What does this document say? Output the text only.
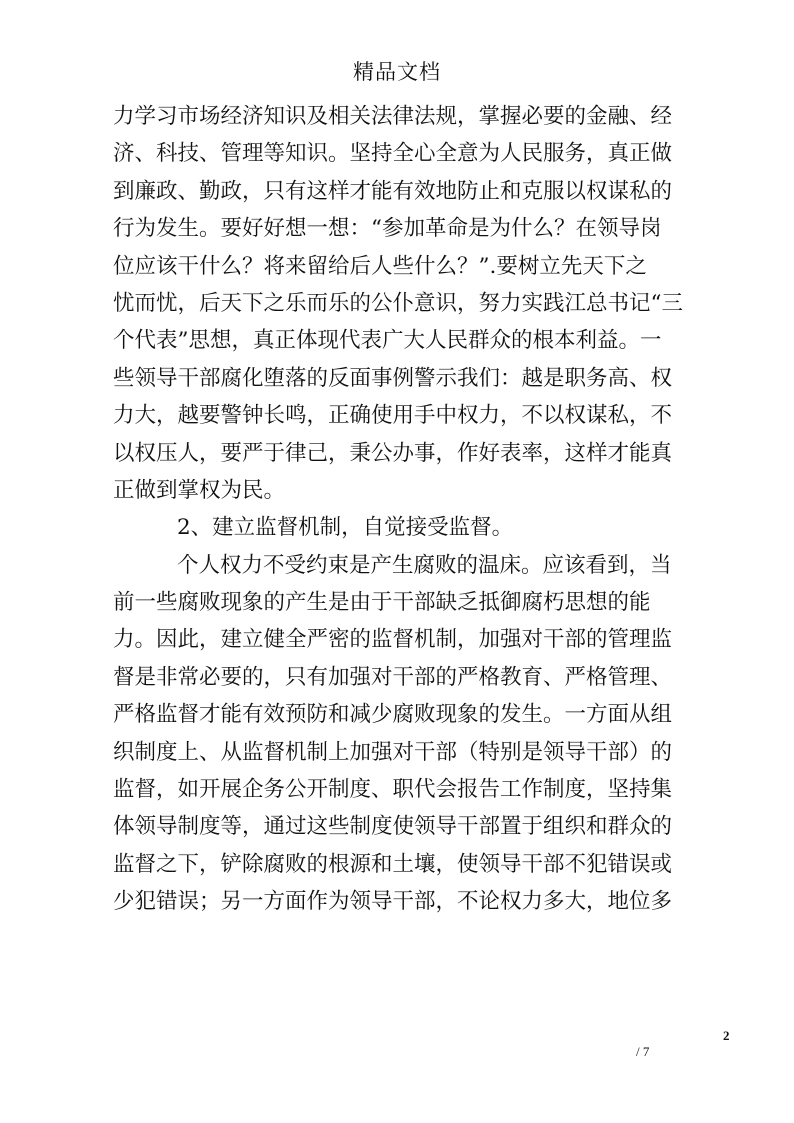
精品文档
力学习市场经济知识及相关法律法规，掌握必要的金融、经
济、科技、管理等知识。坚持全心全意为人民服务，真正做
到廉政、勤政，只有这样才能有效地防止和克服以权谋私的
行为发生。要好好想一想：“参加革命是为什么？在领导岗
位应该干什么？将来留给后人些什么？”.要树立先天下之
忧而忧，后天下之乐而乐的公仆意识，努力实践江总书记“三
个代表”思想，真正体现代表广大人民群众的根本利益。一
些领导干部腐化堕落的反面事例警示我们：越是职务高、权
力大，越要警钟长鸣，正确使用手中权力，不以权谋私，不
以权压人，要严于律己，秉公办事，作好表率，这样才能真
正做到掌权为民。
2、建立监督机制，自觉接受监督。
个人权力不受约束是产生腐败的温床。应该看到，当
前一些腐败现象的产生是由于干部缺乏抵御腐朽思想的能
力。因此，建立健全严密的监督机制，加强对干部的管理监
督是非常必要的，只有加强对干部的严格教育、严格管理、
严格监督才能有效预防和减少腐败现象的发生。一方面从组
织制度上、从监督机制上加强对干部（特别是领导干部）的
监督，如开展企务公开制度、职代会报告工作制度，坚持集
体领导制度等，通过这些制度使领导干部置于组织和群众的
监督之下，铲除腐败的根源和土壤，使领导干部不犯错误或
少犯错误；另一方面作为领导干部，不论权力多大，地位多
2
/ 7
